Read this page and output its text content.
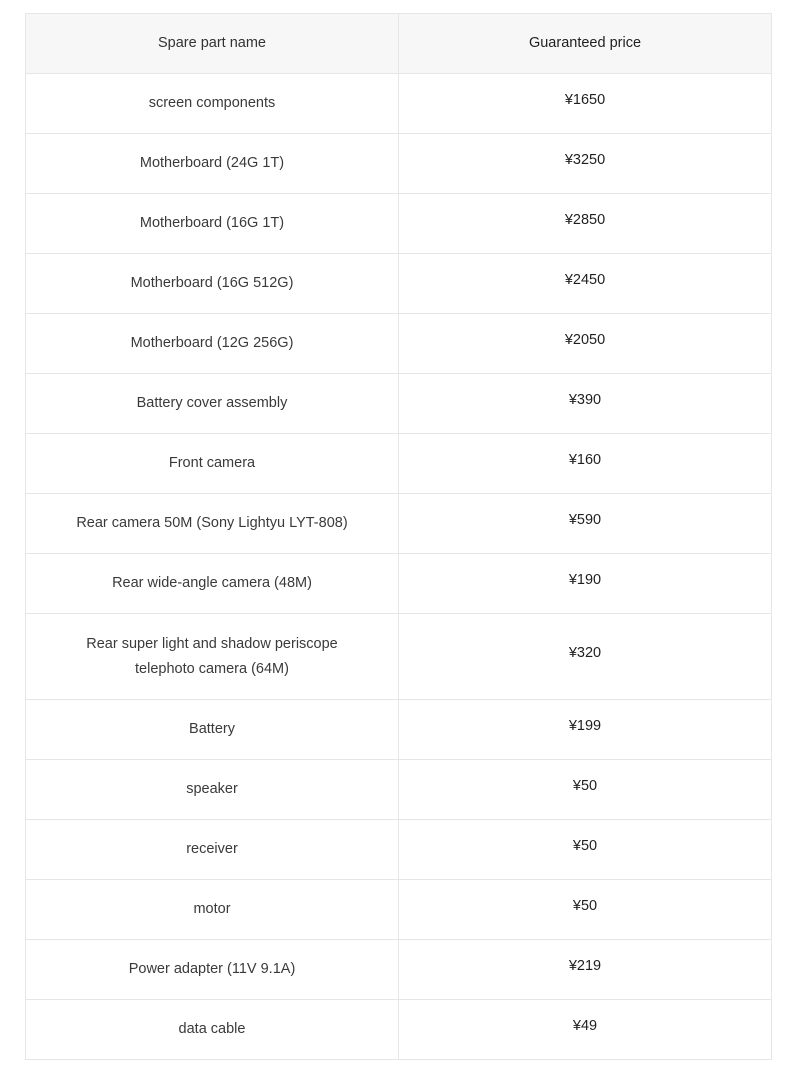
Spare part name	Guaranteed price
screen components	¥1650
Motherboard (24G 1T)	¥3250
Motherboard (16G 1T)	¥2850
Motherboard (16G 512G)	¥2450
Motherboard (12G 256G)	¥2050
Battery cover assembly	¥390
Front camera	¥160
Rear camera 50M (Sony Lightyu LYT-808)	¥590
Rear wide-angle camera (48M)	¥190
Rear super light and shadow periscope telephoto camera (64M)	¥320
Battery	¥199
speaker	¥50
receiver	¥50
motor	¥50
Power adapter (11V 9.1A)	¥219
data cable	¥49
